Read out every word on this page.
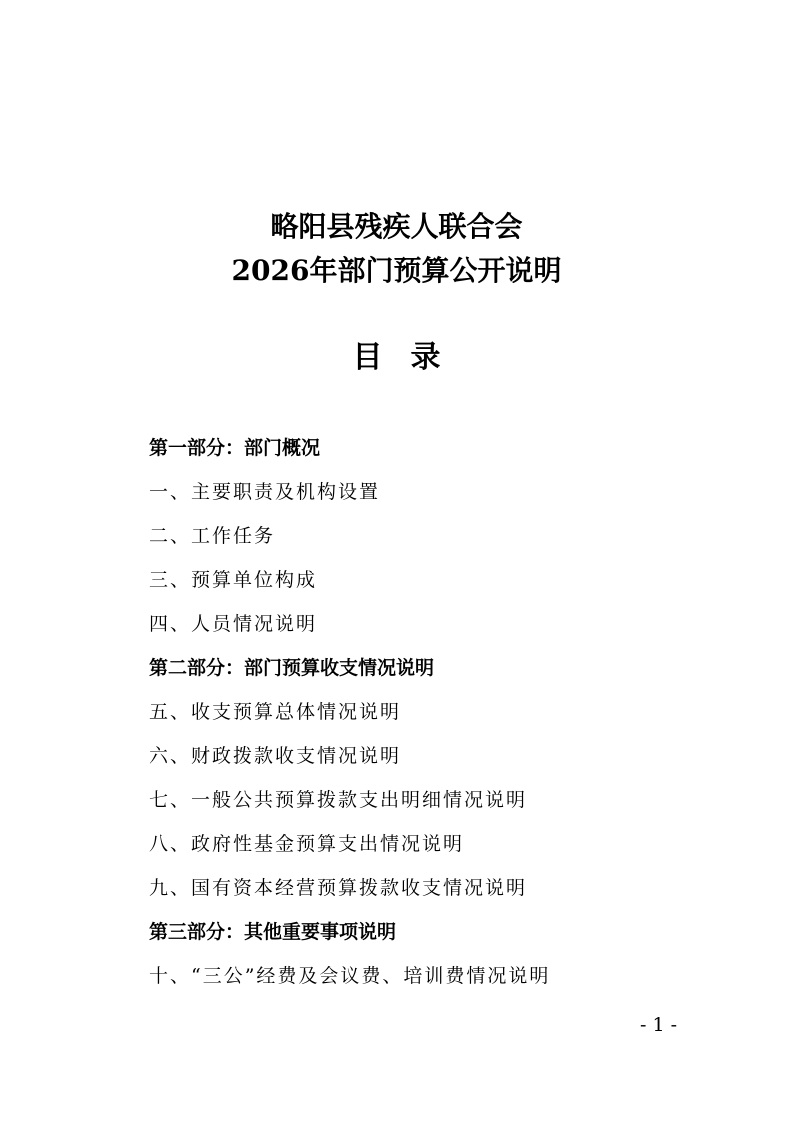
略阳县残疾人联合会
2026年部门预算公开说明
目录
第一部分：部门概况
一、主要职责及机构设置
二、工作任务
三、预算单位构成
四、人员情况说明
第二部分：部门预算收支情况说明
五、收支预算总体情况说明
六、财政拨款收支情况说明
七、一般公共预算拨款支出明细情况说明
八、政府性基金预算支出情况说明
九、国有资本经营预算拨款收支情况说明
第三部分：其他重要事项说明
十、“三公”经费及会议费、培训费情况说明
- 1 -
